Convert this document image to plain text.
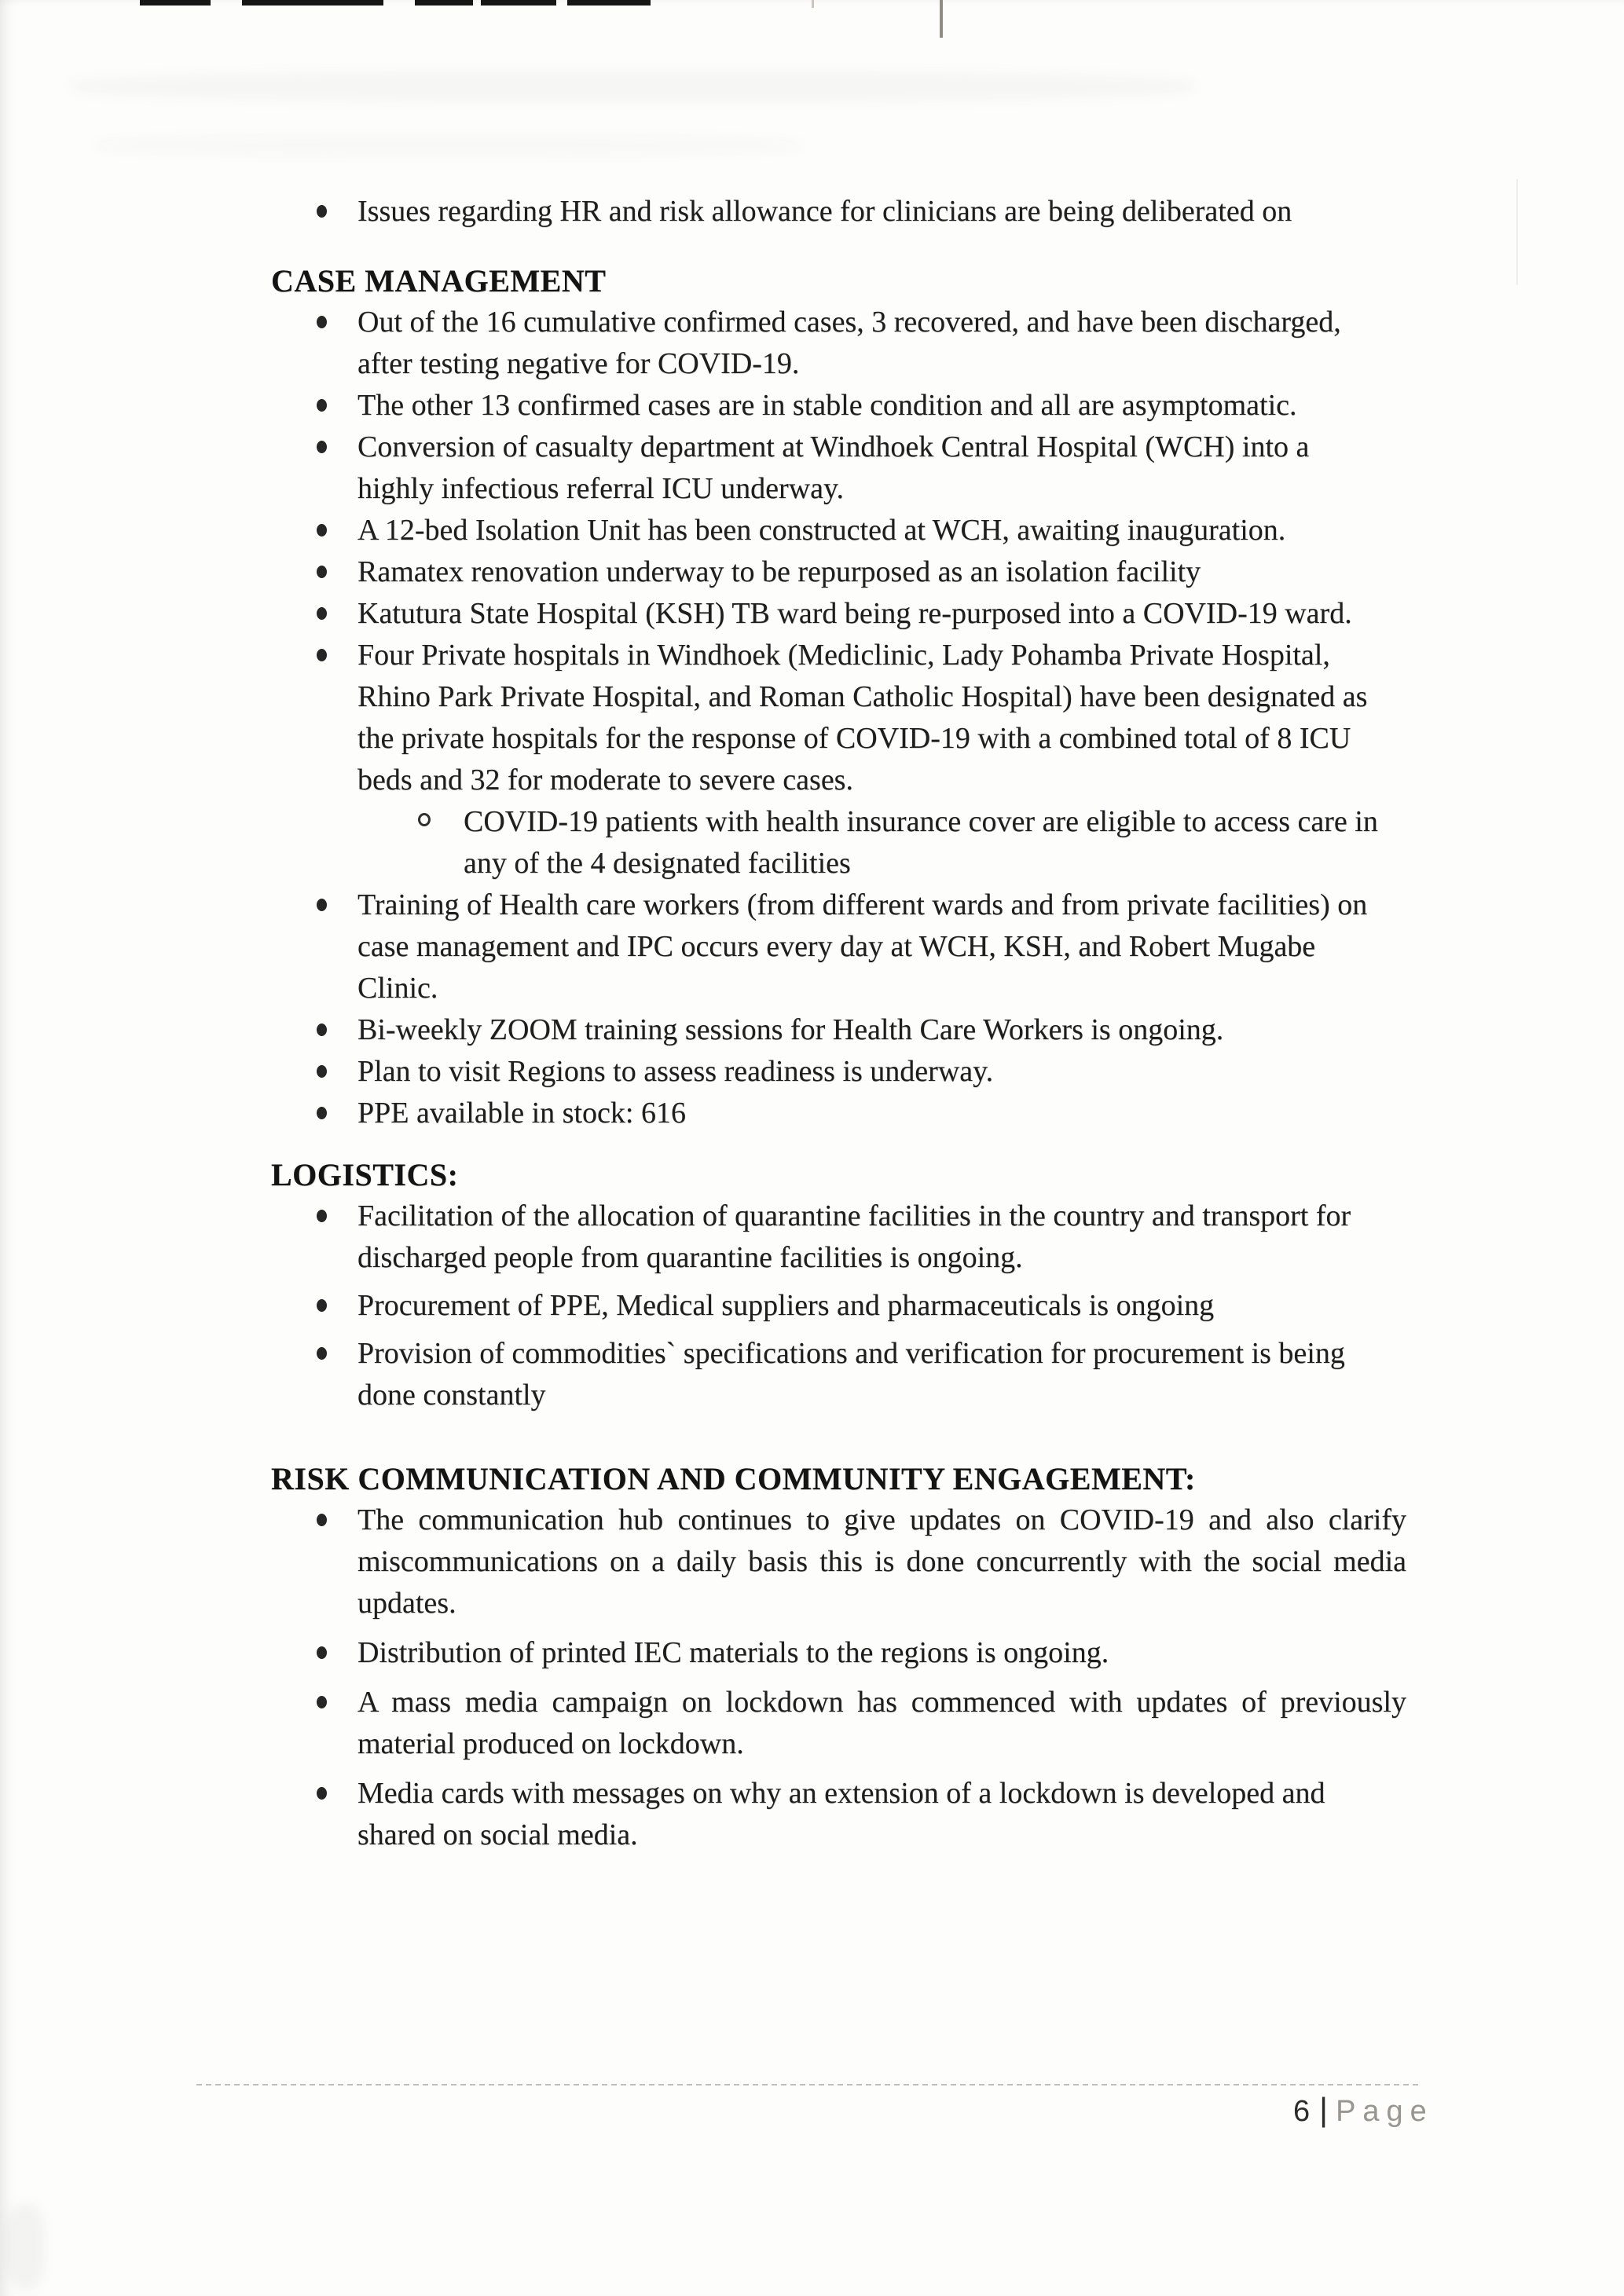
Issues regarding HR and risk allowance for clinicians are being deliberated on
CASE MANAGEMENT
Out of the 16 cumulative confirmed cases, 3 recovered, and have been discharged,
after testing negative for COVID-19.
The other 13 confirmed cases are in stable condition and all are asymptomatic.
Conversion of casualty department at Windhoek Central Hospital (WCH) into a
highly infectious referral ICU underway.
A 12-bed Isolation Unit has been constructed at WCH, awaiting inauguration.
Ramatex renovation underway to be repurposed as an isolation facility
Katutura State Hospital (KSH) TB ward being re-purposed into a COVID-19 ward.
Four Private hospitals in Windhoek (Mediclinic, Lady Pohamba Private Hospital,
Rhino Park Private Hospital, and Roman Catholic Hospital) have been designated as
the private hospitals for the response of COVID-19 with a combined total of 8 ICU
beds and 32 for moderate to severe cases.
COVID-19 patients with health insurance cover are eligible to access care in
any of the 4 designated facilities
Training of Health care workers (from different wards and from private facilities) on
case management and IPC occurs every day at WCH, KSH, and Robert Mugabe
Clinic.
Bi-weekly ZOOM training sessions for Health Care Workers is ongoing.
Plan to visit Regions to assess readiness is underway.
PPE available in stock: 616
LOGISTICS:
Facilitation of the allocation of quarantine facilities in the country and transport for
discharged people from quarantine facilities is ongoing.
Procurement of PPE, Medical suppliers and pharmaceuticals is ongoing
Provision of commodities` specifications and verification for procurement is being
done constantly
RISK COMMUNICATION AND COMMUNITY ENGAGEMENT:
The communication hub continues to give updates on COVID-19 and also clarify
miscommunications on a daily basis this is done concurrently with the social media
updates.
Distribution of printed IEC materials to the regions is ongoing.
A mass media campaign on lockdown has commenced with updates of previously
material produced on lockdown.
Media cards with messages on why an extension of a lockdown is developed and
shared on social media.
6 | Page
